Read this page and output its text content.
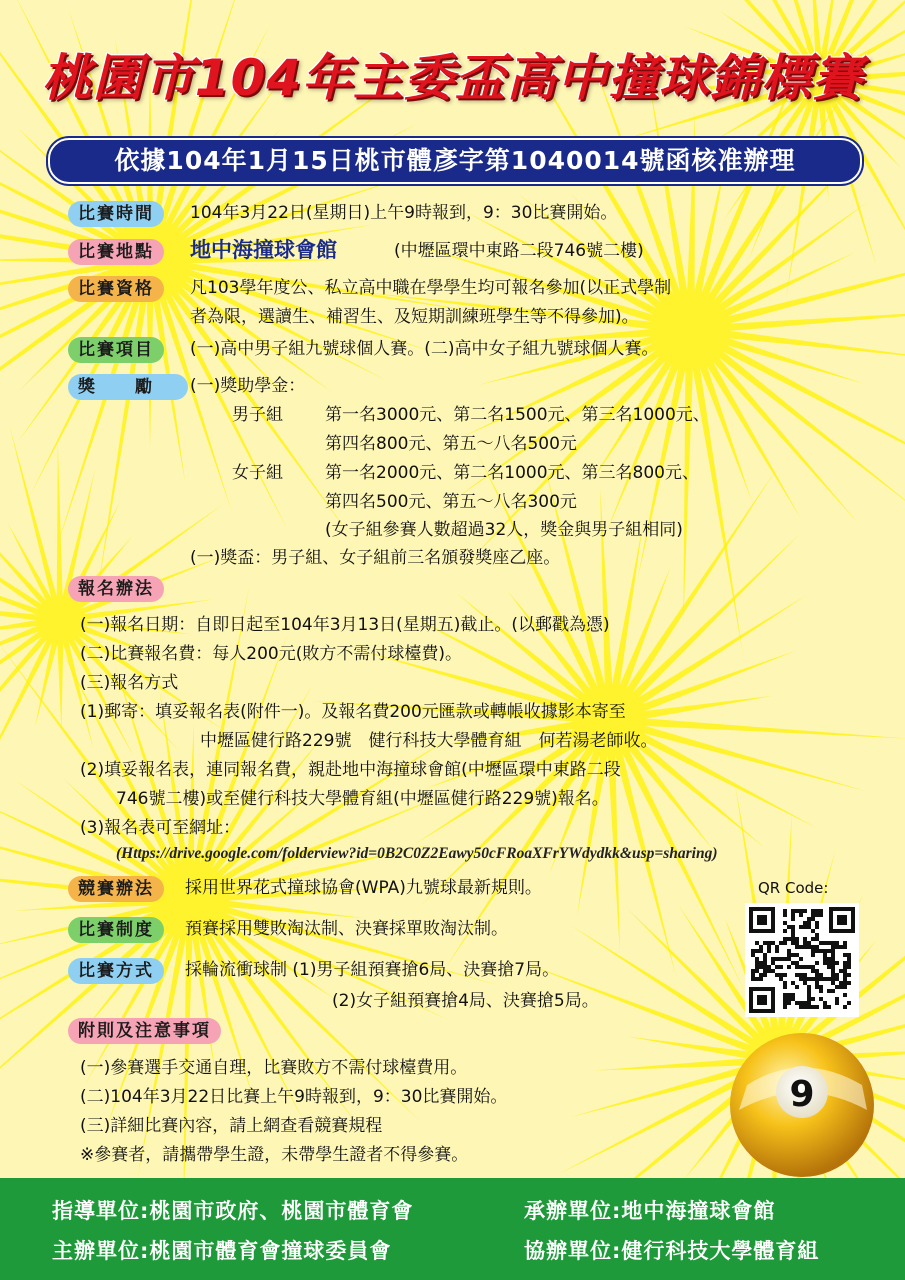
桃園市104年主委盃高中撞球錦標賽
依據104年1月15日桃市體彥字第1040014號函核准辦理
比賽時間	104年3月22日(星期日)上午9時報到，9：30比賽開始。
比賽地點	地中海撞球會館	(中壢區環中東路二段746號二樓)
比賽資格	凡103學年度公、私立高中職在學學生均可報名參加(以正式學制
者為限，選讀生、補習生、及短期訓練班學生等不得參加)。
比賽項目	(一)高中男子組九號球個人賽。(二)高中女子組九號球個人賽。
獎　　勵	(一)獎助學金：
男子組 第一名3000元、第二名1500元、第三名1000元、
第四名800元、第五～八名500元
女子組 第一名2000元、第二名1000元、第三名800元、
第四名500元、第五～八名300元
(女子組參賽人數超過32人，獎金與男子組相同)
(一)獎盃：男子組、女子組前三名頒發獎座乙座。
報名辦法
(一)報名日期：自即日起至104年3月13日(星期五)截止。(以郵戳為憑)
(二)比賽報名費：每人200元(敗方不需付球檯費)。
(三)報名方式
(1)郵寄：填妥報名表(附件一)。及報名費200元匯款或轉帳收據影本寄至
中壢區健行路229號　健行科技大學體育組　何若湯老師收。
(2)填妥報名表，連同報名費，親赴地中海撞球會館(中壢區環中東路二段
746號二樓)或至健行科技大學體育組(中壢區健行路229號)報名。
(3)報名表可至網址：
(Https://drive.google.com/folderview?id=0B2C0Z2Eawy50cFRoaXFrYWdydkk&usp=sharing)
競賽辦法	採用世界花式撞球協會(WPA)九號球最新規則。
比賽制度	預賽採用雙敗淘汰制、決賽採單敗淘汰制。
比賽方式	採輪流衝球制 (1)男子組預賽搶6局、決賽搶7局。
(2)女子組預賽搶4局、決賽搶5局。
QR Code:
附則及注意事項
(一)參賽選手交通自理，比賽敗方不需付球檯費用。
(二)104年3月22日比賽上午9時報到，9：30比賽開始。
(三)詳細比賽內容，請上網查看競賽規程
※參賽者，請攜帶學生證，未帶學生證者不得參賽。
9
指導單位:桃園市政府、桃園市體育會	承辦單位:地中海撞球會館
主辦單位:桃園市體育會撞球委員會	協辦單位:健行科技大學體育組
